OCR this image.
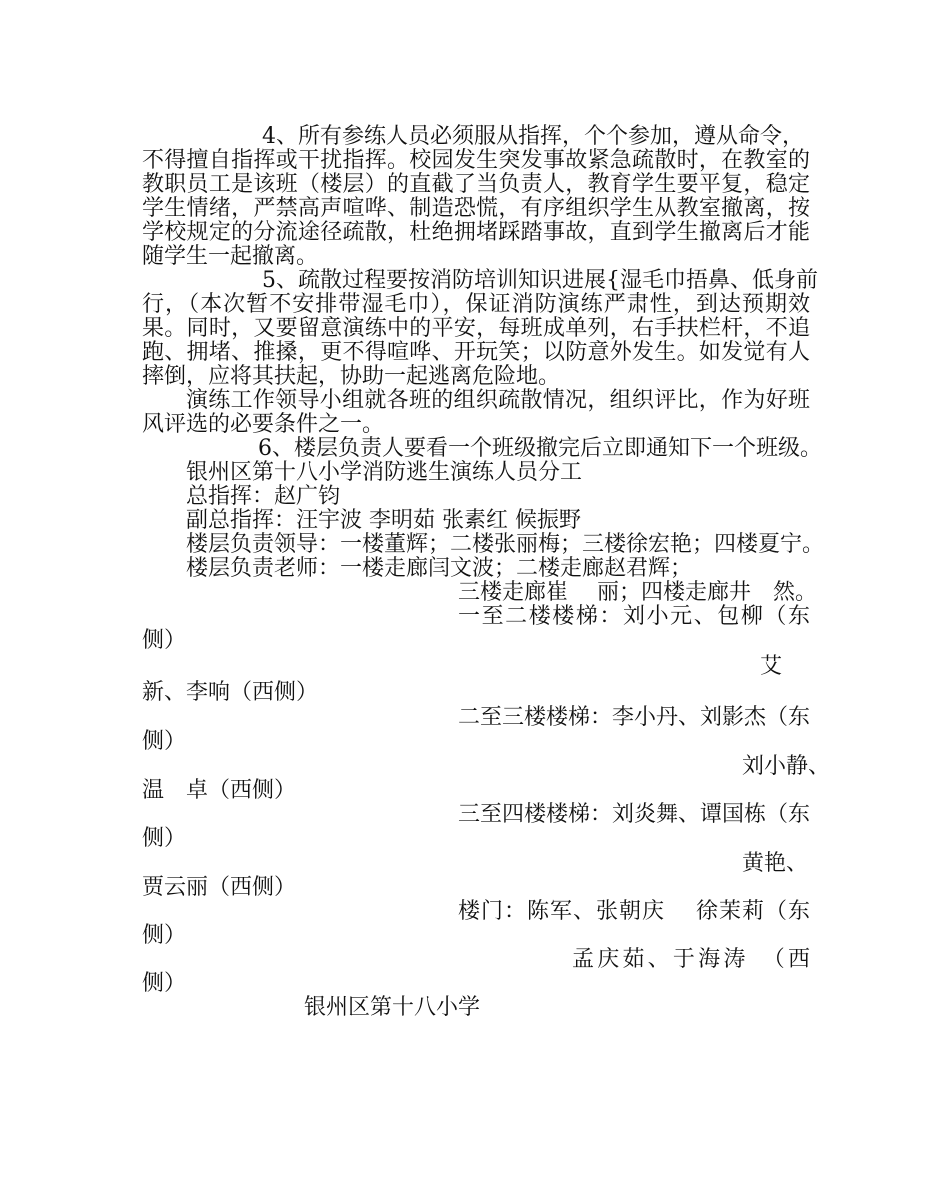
4、所有参练人员必须服从指挥，个个参加，遵从命令，
不得擅自指挥或干扰指挥。校园发生突发事故紧急疏散时，在教室的
教职员工是该班（楼层）的直截了当负责人，教育学生要平复，稳定
学生情绪，严禁高声喧哗、制造恐慌，有序组织学生从教室撤离，按
学校规定的分流途径疏散，杜绝拥堵踩踏事故，直到学生撤离后才能
随学生一起撤离。
5、疏散过程要按消防培训知识进展{湿毛巾捂鼻、低身前
行，（本次暂不安排带湿毛巾），保证消防演练严肃性，到达预期效
果。同时，又要留意演练中的平安，每班成单列，右手扶栏杆，不追
跑、拥堵、推搡，更不得喧哗、开玩笑；以防意外发生。如发觉有人
摔倒，应将其扶起，协助一起逃离危险地。
演练工作领导小组就各班的组织疏散情况，组织评比，作为好班
风评选的必要条件之一。
6、楼层负责人要看一个班级撤完后立即通知下一个班级。
银州区第十八小学消防逃生演练人员分工
总指挥：赵广钧
副总指挥：汪宇波 李明茹 张素红 候振野
楼层负责领导：一楼董辉；二楼张丽梅；三楼徐宏艳；四楼夏宁。
楼层负责老师：一楼走廊闫文波；二楼走廊赵君辉；
三楼走廊崔　 丽；四楼走廊井　然。
一至二楼楼梯：刘小元、包柳（东
侧）
艾
新、李响（西侧）
二至三楼楼梯：李小丹、刘影杰（东
侧）
刘小静、
温　卓（西侧）
三至四楼楼梯：刘炎舞、谭国栋（东
侧）
黄艳、
贾云丽（西侧）
楼门：陈军、张朝庆　 徐茉莉（东
侧）
孟庆茹、于海涛　（西
侧）
银州区第十八小学
